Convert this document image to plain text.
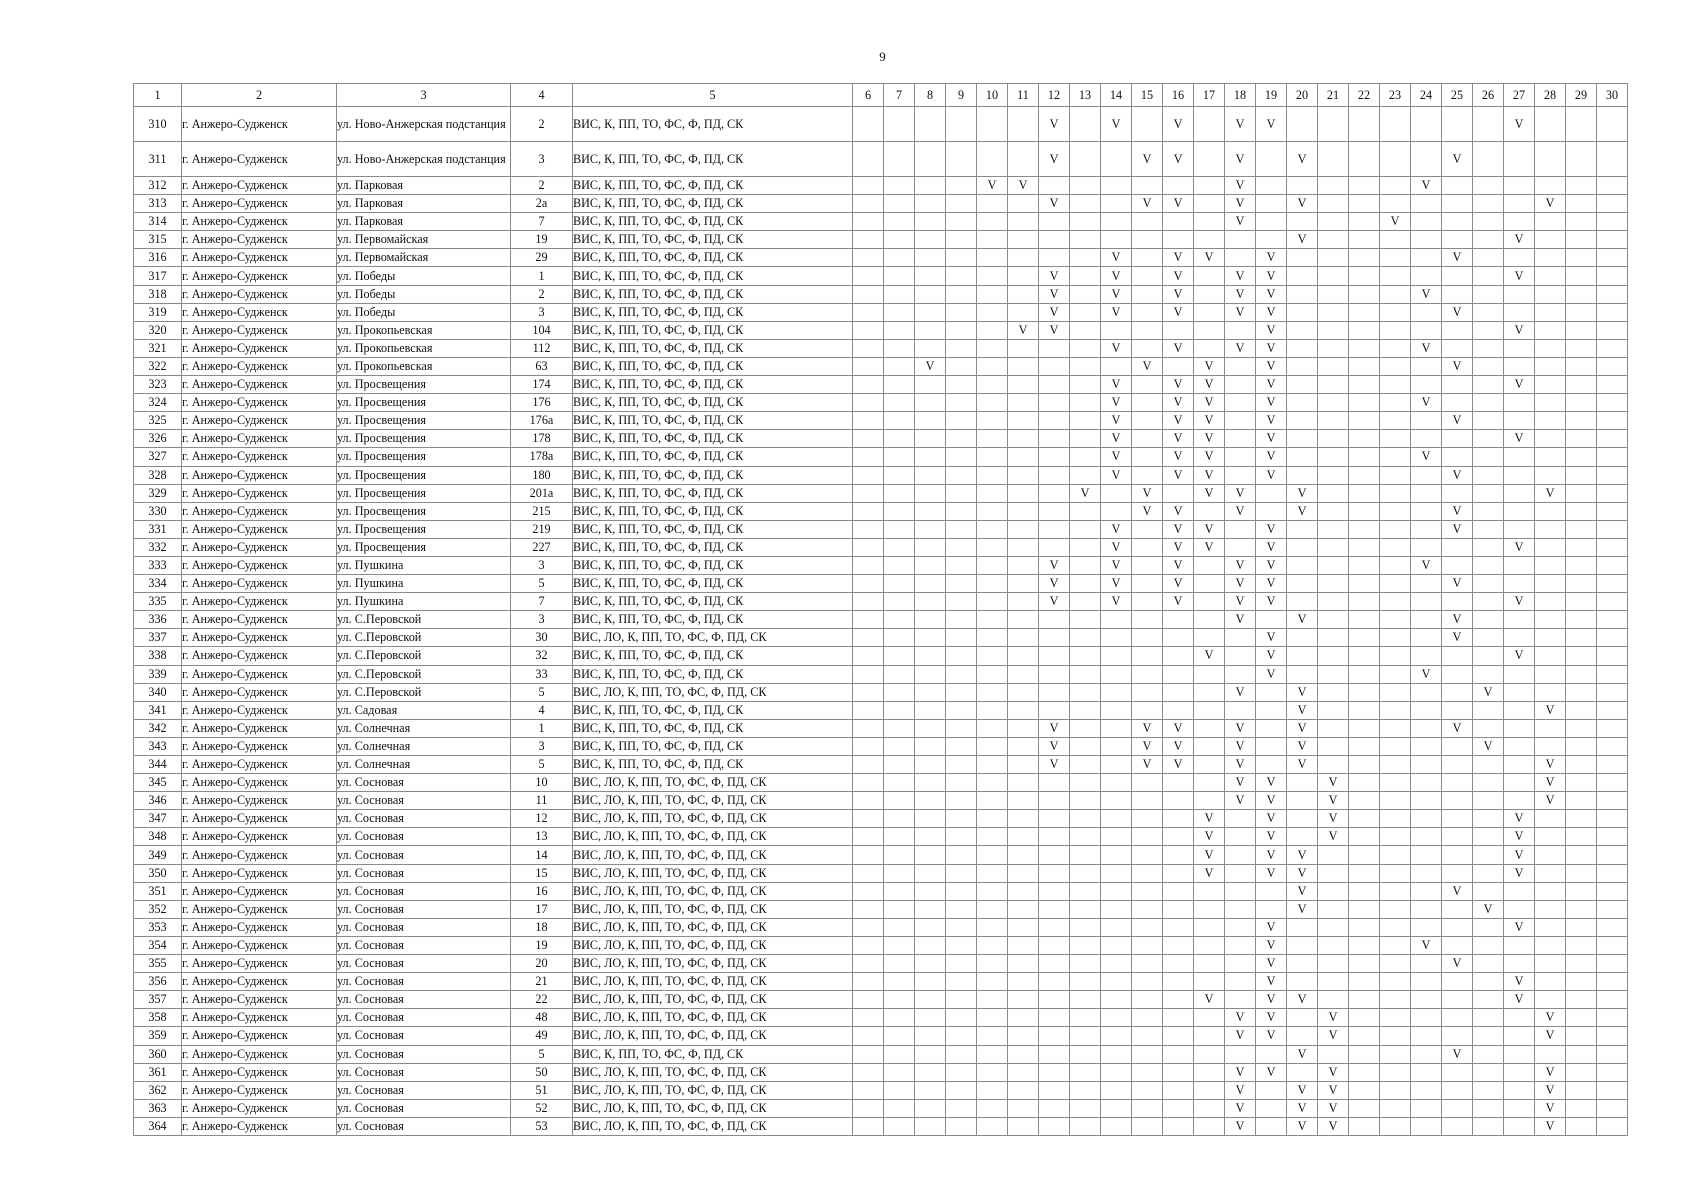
9
1	2	3	4	5	6	7	8	9	10	11	12	13	14	15	16	17	18	19	20	21	22	23	24	25	26	27	28	29	30
310	г. Анжеро-Судженск	ул. Ново-Анжерская подстанция	2	ВИС, К, ПП, ТО, ФС, Ф, ПД, СК							V		V		V		V	V								V			
311	г. Анжеро-Судженск	ул. Ново-Анжерская подстанция	3	ВИС, К, ПП, ТО, ФС, Ф, ПД, СК							V			V	V		V		V					V					
312	г. Анжеро-Судженск	ул. Парковая	2	ВИС, К, ПП, ТО, ФС, Ф, ПД, СК					V	V							V						V						
313	г. Анжеро-Судженск	ул. Парковая	2а	ВИС, К, ПП, ТО, ФС, Ф, ПД, СК							V			V	V		V		V								V		
314	г. Анжеро-Судженск	ул. Парковая	7	ВИС, К, ПП, ТО, ФС, Ф, ПД, СК													V					V							
315	г. Анжеро-Судженск	ул. Первомайская	19	ВИС, К, ПП, ТО, ФС, Ф, ПД, СК															V							V			
316	г. Анжеро-Судженск	ул. Первомайская	29	ВИС, К, ПП, ТО, ФС, Ф, ПД, СК									V		V	V		V						V					
317	г. Анжеро-Судженск	ул. Победы	1	ВИС, К, ПП, ТО, ФС, Ф, ПД, СК							V		V		V		V	V								V			
318	г. Анжеро-Судженск	ул. Победы	2	ВИС, К, ПП, ТО, ФС, Ф, ПД, СК							V		V		V		V	V					V						
319	г. Анжеро-Судженск	ул. Победы	3	ВИС, К, ПП, ТО, ФС, Ф, ПД, СК							V		V		V		V	V						V					
320	г. Анжеро-Судженск	ул. Прокопьевская	104	ВИС, К, ПП, ТО, ФС, Ф, ПД, СК						V	V							V								V			
321	г. Анжеро-Судженск	ул. Прокопьевская	112	ВИС, К, ПП, ТО, ФС, Ф, ПД, СК									V		V		V	V					V						
322	г. Анжеро-Судженск	ул. Прокопьевская	63	ВИС, К, ПП, ТО, ФС, Ф, ПД, СК			V							V		V		V						V					
323	г. Анжеро-Судженск	ул. Просвещения	174	ВИС, К, ПП, ТО, ФС, Ф, ПД, СК									V		V	V		V								V			
324	г. Анжеро-Судженск	ул. Просвещения	176	ВИС, К, ПП, ТО, ФС, Ф, ПД, СК									V		V	V		V					V						
325	г. Анжеро-Судженск	ул. Просвещения	176а	ВИС, К, ПП, ТО, ФС, Ф, ПД, СК									V		V	V		V						V					
326	г. Анжеро-Судженск	ул. Просвещения	178	ВИС, К, ПП, ТО, ФС, Ф, ПД, СК									V		V	V		V								V			
327	г. Анжеро-Судженск	ул. Просвещения	178а	ВИС, К, ПП, ТО, ФС, Ф, ПД, СК									V		V	V		V					V						
328	г. Анжеро-Судженск	ул. Просвещения	180	ВИС, К, ПП, ТО, ФС, Ф, ПД, СК									V		V	V		V						V					
329	г. Анжеро-Судженск	ул. Просвещения	201а	ВИС, К, ПП, ТО, ФС, Ф, ПД, СК								V		V		V	V		V								V		
330	г. Анжеро-Судженск	ул. Просвещения	215	ВИС, К, ПП, ТО, ФС, Ф, ПД, СК										V	V		V		V					V					
331	г. Анжеро-Судженск	ул. Просвещения	219	ВИС, К, ПП, ТО, ФС, Ф, ПД, СК									V		V	V		V						V					
332	г. Анжеро-Судженск	ул. Просвещения	227	ВИС, К, ПП, ТО, ФС, Ф, ПД, СК									V		V	V		V								V			
333	г. Анжеро-Судженск	ул. Пушкина	3	ВИС, К, ПП, ТО, ФС, Ф, ПД, СК							V		V		V		V	V					V						
334	г. Анжеро-Судженск	ул. Пушкина	5	ВИС, К, ПП, ТО, ФС, Ф, ПД, СК							V		V		V		V	V						V					
335	г. Анжеро-Судженск	ул. Пушкина	7	ВИС, К, ПП, ТО, ФС, Ф, ПД, СК							V		V		V		V	V								V			
336	г. Анжеро-Судженск	ул. С.Перовской	3	ВИС, К, ПП, ТО, ФС, Ф, ПД, СК													V		V					V					
337	г. Анжеро-Судженск	ул. С.Перовской	30	ВИС, ЛО, К, ПП, ТО, ФС, Ф, ПД, СК														V						V					
338	г. Анжеро-Судженск	ул. С.Перовской	32	ВИС, К, ПП, ТО, ФС, Ф, ПД, СК												V		V								V			
339	г. Анжеро-Судженск	ул. С.Перовской	33	ВИС, К, ПП, ТО, ФС, Ф, ПД, СК														V					V						
340	г. Анжеро-Судженск	ул. С.Перовской	5	ВИС, ЛО, К, ПП, ТО, ФС, Ф, ПД, СК													V		V						V				
341	г. Анжеро-Судженск	ул. Садовая	4	ВИС, К, ПП, ТО, ФС, Ф, ПД, СК															V								V		
342	г. Анжеро-Судженск	ул. Солнечная	1	ВИС, К, ПП, ТО, ФС, Ф, ПД, СК							V			V	V		V		V					V					
343	г. Анжеро-Судженск	ул. Солнечная	3	ВИС, К, ПП, ТО, ФС, Ф, ПД, СК							V			V	V		V		V						V				
344	г. Анжеро-Судженск	ул. Солнечная	5	ВИС, К, ПП, ТО, ФС, Ф, ПД, СК							V			V	V		V		V								V		
345	г. Анжеро-Судженск	ул. Сосновая	10	ВИС, ЛО, К, ПП, ТО, ФС, Ф, ПД, СК													V	V		V							V		
346	г. Анжеро-Судженск	ул. Сосновая	11	ВИС, ЛО, К, ПП, ТО, ФС, Ф, ПД, СК													V	V		V							V		
347	г. Анжеро-Судженск	ул. Сосновая	12	ВИС, ЛО, К, ПП, ТО, ФС, Ф, ПД, СК												V		V		V						V			
348	г. Анжеро-Судженск	ул. Сосновая	13	ВИС, ЛО, К, ПП, ТО, ФС, Ф, ПД, СК												V		V		V						V			
349	г. Анжеро-Судженск	ул. Сосновая	14	ВИС, ЛО, К, ПП, ТО, ФС, Ф, ПД, СК												V		V	V							V			
350	г. Анжеро-Судженск	ул. Сосновая	15	ВИС, ЛО, К, ПП, ТО, ФС, Ф, ПД, СК												V		V	V							V			
351	г. Анжеро-Судженск	ул. Сосновая	16	ВИС, ЛО, К, ПП, ТО, ФС, Ф, ПД, СК															V					V					
352	г. Анжеро-Судженск	ул. Сосновая	17	ВИС, ЛО, К, ПП, ТО, ФС, Ф, ПД, СК															V						V				
353	г. Анжеро-Судженск	ул. Сосновая	18	ВИС, ЛО, К, ПП, ТО, ФС, Ф, ПД, СК														V								V			
354	г. Анжеро-Судженск	ул. Сосновая	19	ВИС, ЛО, К, ПП, ТО, ФС, Ф, ПД, СК														V					V						
355	г. Анжеро-Судженск	ул. Сосновая	20	ВИС, ЛО, К, ПП, ТО, ФС, Ф, ПД, СК														V						V					
356	г. Анжеро-Судженск	ул. Сосновая	21	ВИС, ЛО, К, ПП, ТО, ФС, Ф, ПД, СК														V								V			
357	г. Анжеро-Судженск	ул. Сосновая	22	ВИС, ЛО, К, ПП, ТО, ФС, Ф, ПД, СК												V		V	V							V			
358	г. Анжеро-Судженск	ул. Сосновая	48	ВИС, ЛО, К, ПП, ТО, ФС, Ф, ПД, СК													V	V		V							V		
359	г. Анжеро-Судженск	ул. Сосновая	49	ВИС, ЛО, К, ПП, ТО, ФС, Ф, ПД, СК													V	V		V							V		
360	г. Анжеро-Судженск	ул. Сосновая	5	ВИС, К, ПП, ТО, ФС, Ф, ПД, СК															V					V					
361	г. Анжеро-Судженск	ул. Сосновая	50	ВИС, ЛО, К, ПП, ТО, ФС, Ф, ПД, СК													V	V		V							V		
362	г. Анжеро-Судженск	ул. Сосновая	51	ВИС, ЛО, К, ПП, ТО, ФС, Ф, ПД, СК													V		V	V							V		
363	г. Анжеро-Судженск	ул. Сосновая	52	ВИС, ЛО, К, ПП, ТО, ФС, Ф, ПД, СК													V		V	V							V		
364	г. Анжеро-Судженск	ул. Сосновая	53	ВИС, ЛО, К, ПП, ТО, ФС, Ф, ПД, СК													V		V	V							V		
